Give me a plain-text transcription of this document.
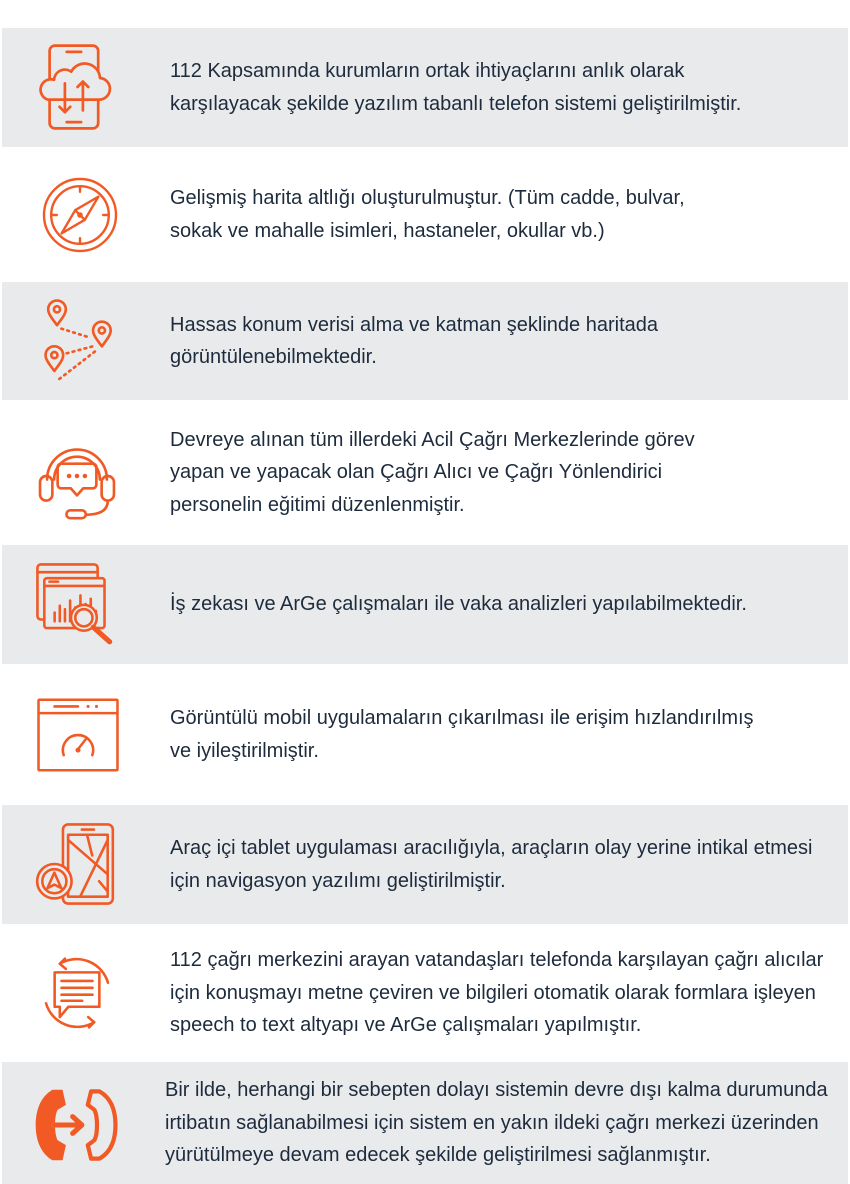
112 Kapsamında kurumların ortak ihtiyaçlarını anlık olarak
karşılayacak şekilde yazılım tabanlı telefon sistemi geliştirilmiştir.
Gelişmiş harita altlığı oluşturulmuştur. (Tüm cadde, bulvar,
sokak ve mahalle isimleri, hastaneler, okullar vb.)
Hassas konum verisi alma ve katman şeklinde haritada
görüntülenebilmektedir.
Devreye alınan tüm illerdeki Acil Çağrı Merkezlerinde görev
yapan ve yapacak olan Çağrı Alıcı ve Çağrı Yönlendirici
personelin eğitimi düzenlenmiştir.
İş zekası ve ArGe çalışmaları ile vaka analizleri yapılabilmektedir.
Görüntülü mobil uygulamaların çıkarılması ile erişim hızlandırılmış
ve iyileştirilmiştir.
Araç içi tablet uygulaması aracılığıyla, araçların olay yerine intikal etmesi
için navigasyon yazılımı geliştirilmiştir.
112 çağrı merkezini arayan vatandaşları telefonda karşılayan çağrı alıcılar
için konuşmayı metne çeviren ve bilgileri otomatik olarak formlara işleyen
speech to text altyapı ve ArGe çalışmaları yapılmıştır.
Bir ilde, herhangi bir sebepten dolayı sistemin devre dışı kalma durumunda
irtibatın sağlanabilmesi için sistem en yakın ildeki çağrı merkezi üzerinden
yürütülmeye devam edecek şekilde geliştirilmesi sağlanmıştır.
